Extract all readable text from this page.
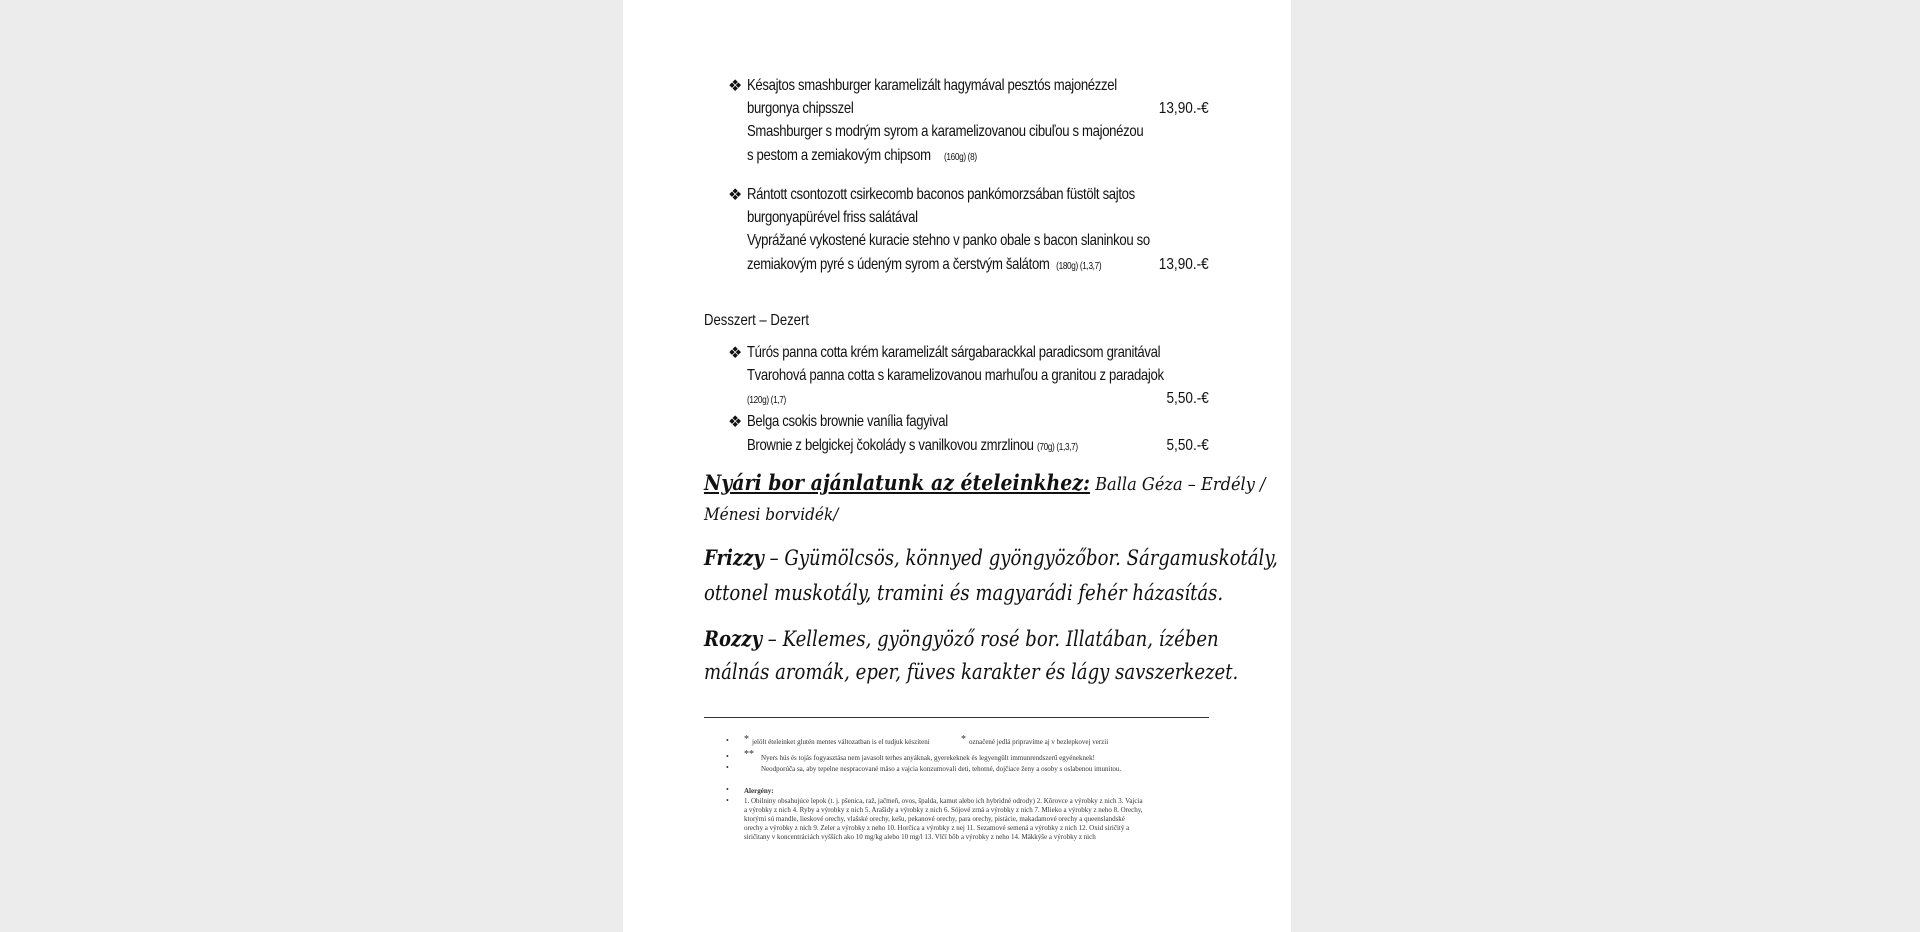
❖ Késajtos smashburger karamelizált hagymával pesztós majonézzel
burgonya chipsszel	13,90.-€
Smashburger s modrým syrom a karamelizovanou cibuľou s majonézou
s pestom a zemiakovým chipsom (160g) (8)
❖ Rántott csontozott csirkecomb baconos pankómorzsában füstölt sajtos
burgonyapürével friss salátával
Vyprážané vykostené kuracie stehno v panko obale s bacon slaninkou so
zemiakovým pyré s údeným syrom a čerstvým šalátom (180g) (1,3,7)	13,90.-€
Desszert – Dezert
❖ Túrós panna cotta krém karamelizált sárgabarackkal paradicsom granitával
Tvarohová panna cotta s karamelizovanou marhuľou a granitou z paradajok
(120g) (1,7)	5,50.-€
❖ Belga csokis brownie vanília fagyival
Brownie z belgickej čokolády s vanilkovou zmrzlinou (70g) (1,3,7)	5,50.-€
Nyári bor ajánlatunk az ételeinkhez: Balla Géza – Erdély /
Ménesi borvidék/
Frizzy – Gyümölcsös, könnyed gyöngyözőbor. Sárgamuskotály,
ottonel muskotály, tramini és magyarádi fehér házasítás.
Rozzy – Kellemes, gyöngyöző rosé bor. Illatában, ízében
málnás aromák, eper, füves karakter és lágy savszerkezet.
• * jelölt ételeinket glutén mentes változatban is el tudjuk készíteni	* označené jedlá pripravíme aj v bezlepkovej verzii
• ** Nyers hús és tojás fogyasztása nem javasolt terhes anyáknak, gyerekeknek és legyengült immunrendszerű egyéneknek!
•	Neodporúča sa, aby tepelne nespracované mäso a vajcia konzumovali deti, tehotné, dojčiace ženy a osoby s oslabenou imunitou.
• Alergény:
• 1. Obilniny obsahujúce lepok (t. j. pšenica, raž, jačmeň, ovos, špalda, kamut alebo ich hybridné odrody) 2. Kôrovce a výrobky z nich 3. Vajcia
a výrobky z nich 4. Ryby a výrobky z nich 5. Arašidy a výrobky z nich 6. Sójové zrná a výrobky z nich 7. Mlieko a výrobky z neho 8. Orechy,
ktorými sú mandle, lieskové orechy, vlašské orechy, kešu, pekanové orechy, para orechy, pistácie, makadamové orechy a queenslandské
orechy a výrobky z nich 9. Zeler a výrobky z neho 10. Horčica a výrobky z nej 11. Sezamové semená a výrobky z nich 12. Oxid siričitý a
siričitany v koncentráciách vyšších ako 10 mg/kg alebo 10 mg/l 13. Vlčí bôb a výrobky z neho 14. Mäkkýše a výrobky z nich
